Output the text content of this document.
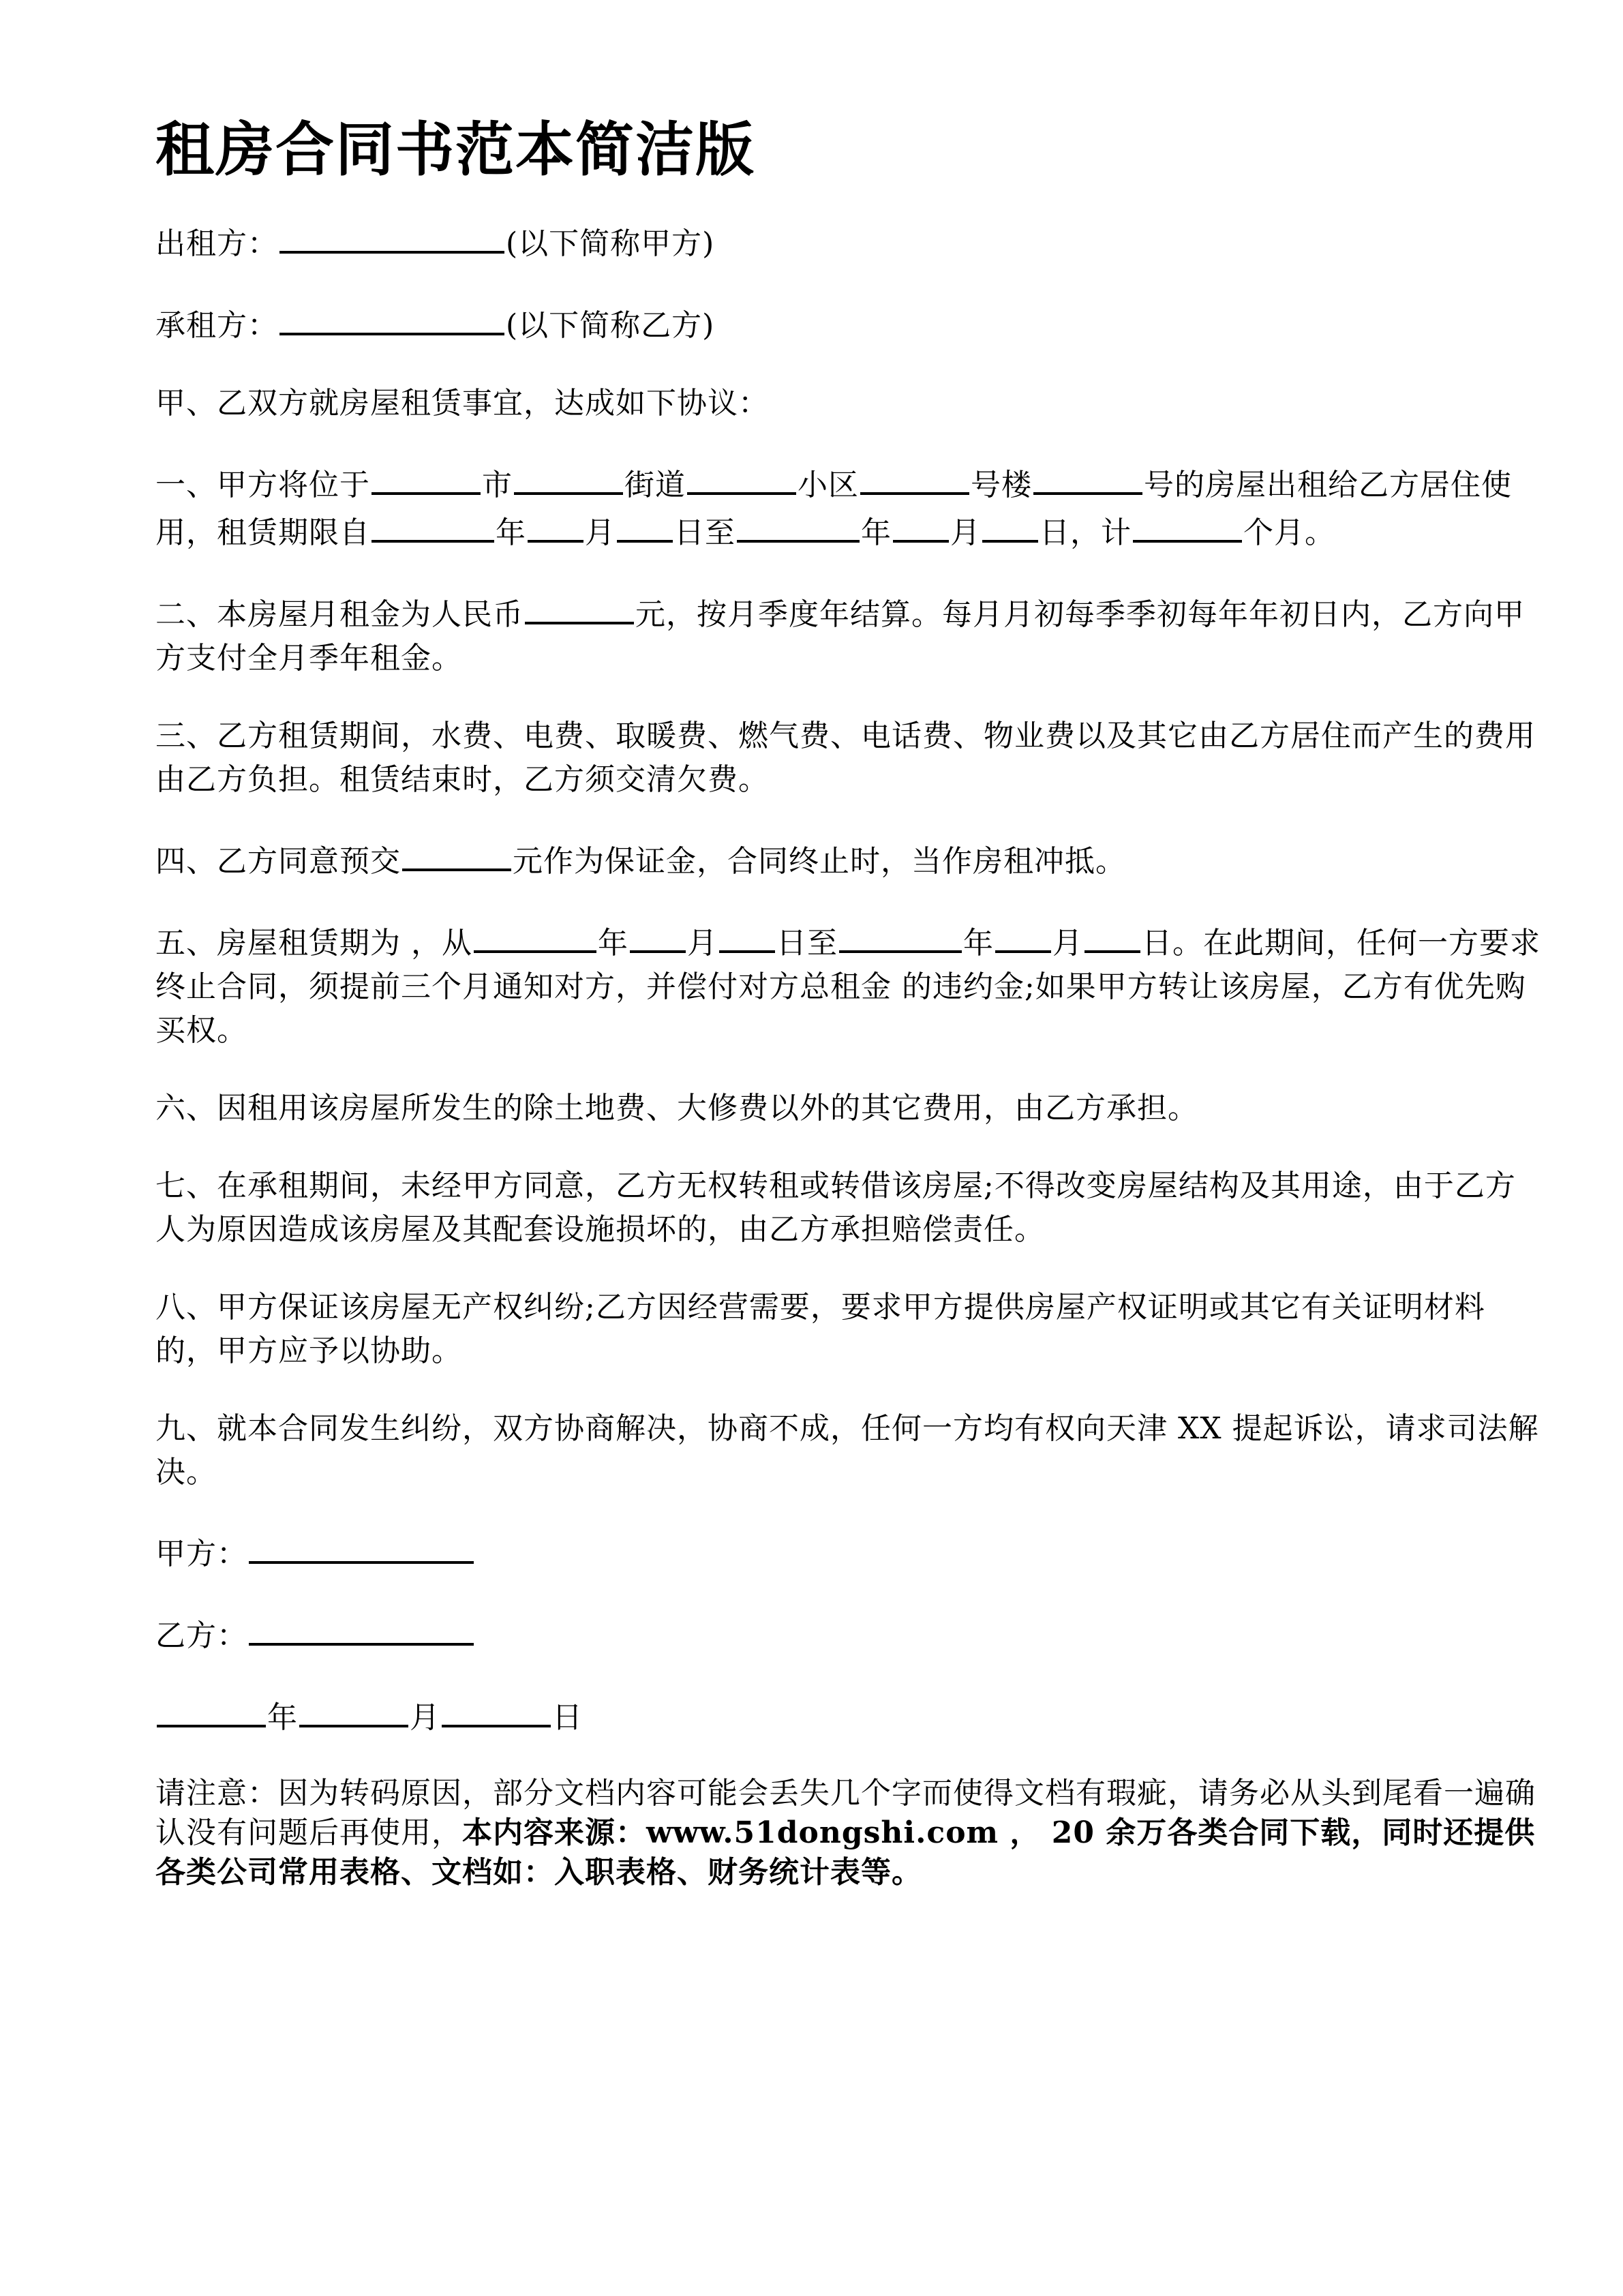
租房合同书范本简洁版

出租方：	(以下简称甲方)

承租方：	(以下简称乙方)

甲、乙双方就房屋租赁事宜，达成如下协议：

一、甲方将位于	市	街道	小区	号楼	号的房屋出租给乙方居住使用，租赁期限自	年 月 日至	年 月 日，计	个月。

二、本房屋月租金为人民币	元，按月季度年结算。每月月初每季季初每年年初日内，乙方向甲方支付全月季年租金。

三、乙方租赁期间，水费、电费、取暖费、燃气费、电话费、物业费以及其它由乙方居住而产生的费用由乙方负担。租赁结束时，乙方须交清欠费。

四、乙方同意预交	元作为保证金，合同终止时，当作房租冲抵。

五、房屋租赁期为 ，从	年 月 日至	年 月 日。在此期间，任何一方要求终止合同，须提前三个月通知对方，并偿付对方总租金 的违约金;如果甲方转让该房屋，乙方有优先购买权。

六、因租用该房屋所发生的除土地费、大修费以外的其它费用，由乙方承担。

七、在承租期间，未经甲方同意，乙方无权转租或转借该房屋;不得改变房屋结构及其用途，由于乙方人为原因造成该房屋及其配套设施损坏的，由乙方承担赔偿责任。

八、甲方保证该房屋无产权纠纷;乙方因经营需要，要求甲方提供房屋产权证明或其它有关证明材料的，甲方应予以协助。

九、就本合同发生纠纷，双方协商解决，协商不成，任何一方均有权向天津 XX 提起诉讼，请求司法解决。

甲方：

乙方：

年	月	日

请注意：因为转码原因，部分文档内容可能会丢失几个字而使得文档有瑕疵，请务必从头到尾看一遍确认没有问题后再使用，本内容来源：www.51dongshi.com ， 20 余万各类合同下载，同时还提供各类公司常用表格、文档如：入职表格、财务统计表等。
